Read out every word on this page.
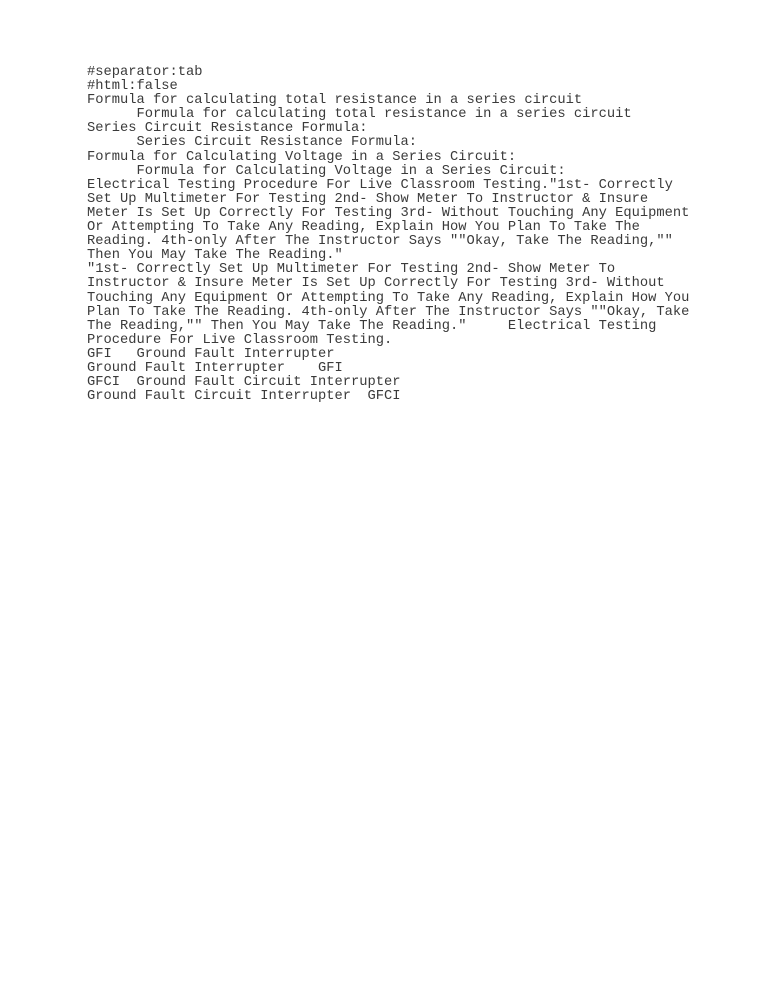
#separator:tab
#html:false
Formula for calculating total resistance in a series circuit
Formula for calculating total resistance in a series circuit
Series Circuit Resistance Formula:
Series Circuit Resistance Formula:
Formula for Calculating Voltage in a Series Circuit:
Formula for Calculating Voltage in a Series Circuit:
Electrical Testing Procedure For Live Classroom Testing."1st- Correctly
Set Up Multimeter For Testing 2nd- Show Meter To Instructor & Insure
Meter Is Set Up Correctly For Testing 3rd- Without Touching Any Equipment
Or Attempting To Take Any Reading, Explain How You Plan To Take The
Reading. 4th-only After The Instructor Says ""Okay, Take The Reading,""
Then You May Take The Reading."
"1st- Correctly Set Up Multimeter For Testing 2nd- Show Meter To
Instructor & Insure Meter Is Set Up Correctly For Testing 3rd- Without
Touching Any Equipment Or Attempting To Take Any Reading, Explain How You
Plan To Take The Reading. 4th-only After The Instructor Says ""Okay, Take
The Reading,"" Then You May Take The Reading."     Electrical Testing
Procedure For Live Classroom Testing.
GFI   Ground Fault Interrupter
Ground Fault Interrupter    GFI
GFCI  Ground Fault Circuit Interrupter
Ground Fault Circuit Interrupter  GFCI
